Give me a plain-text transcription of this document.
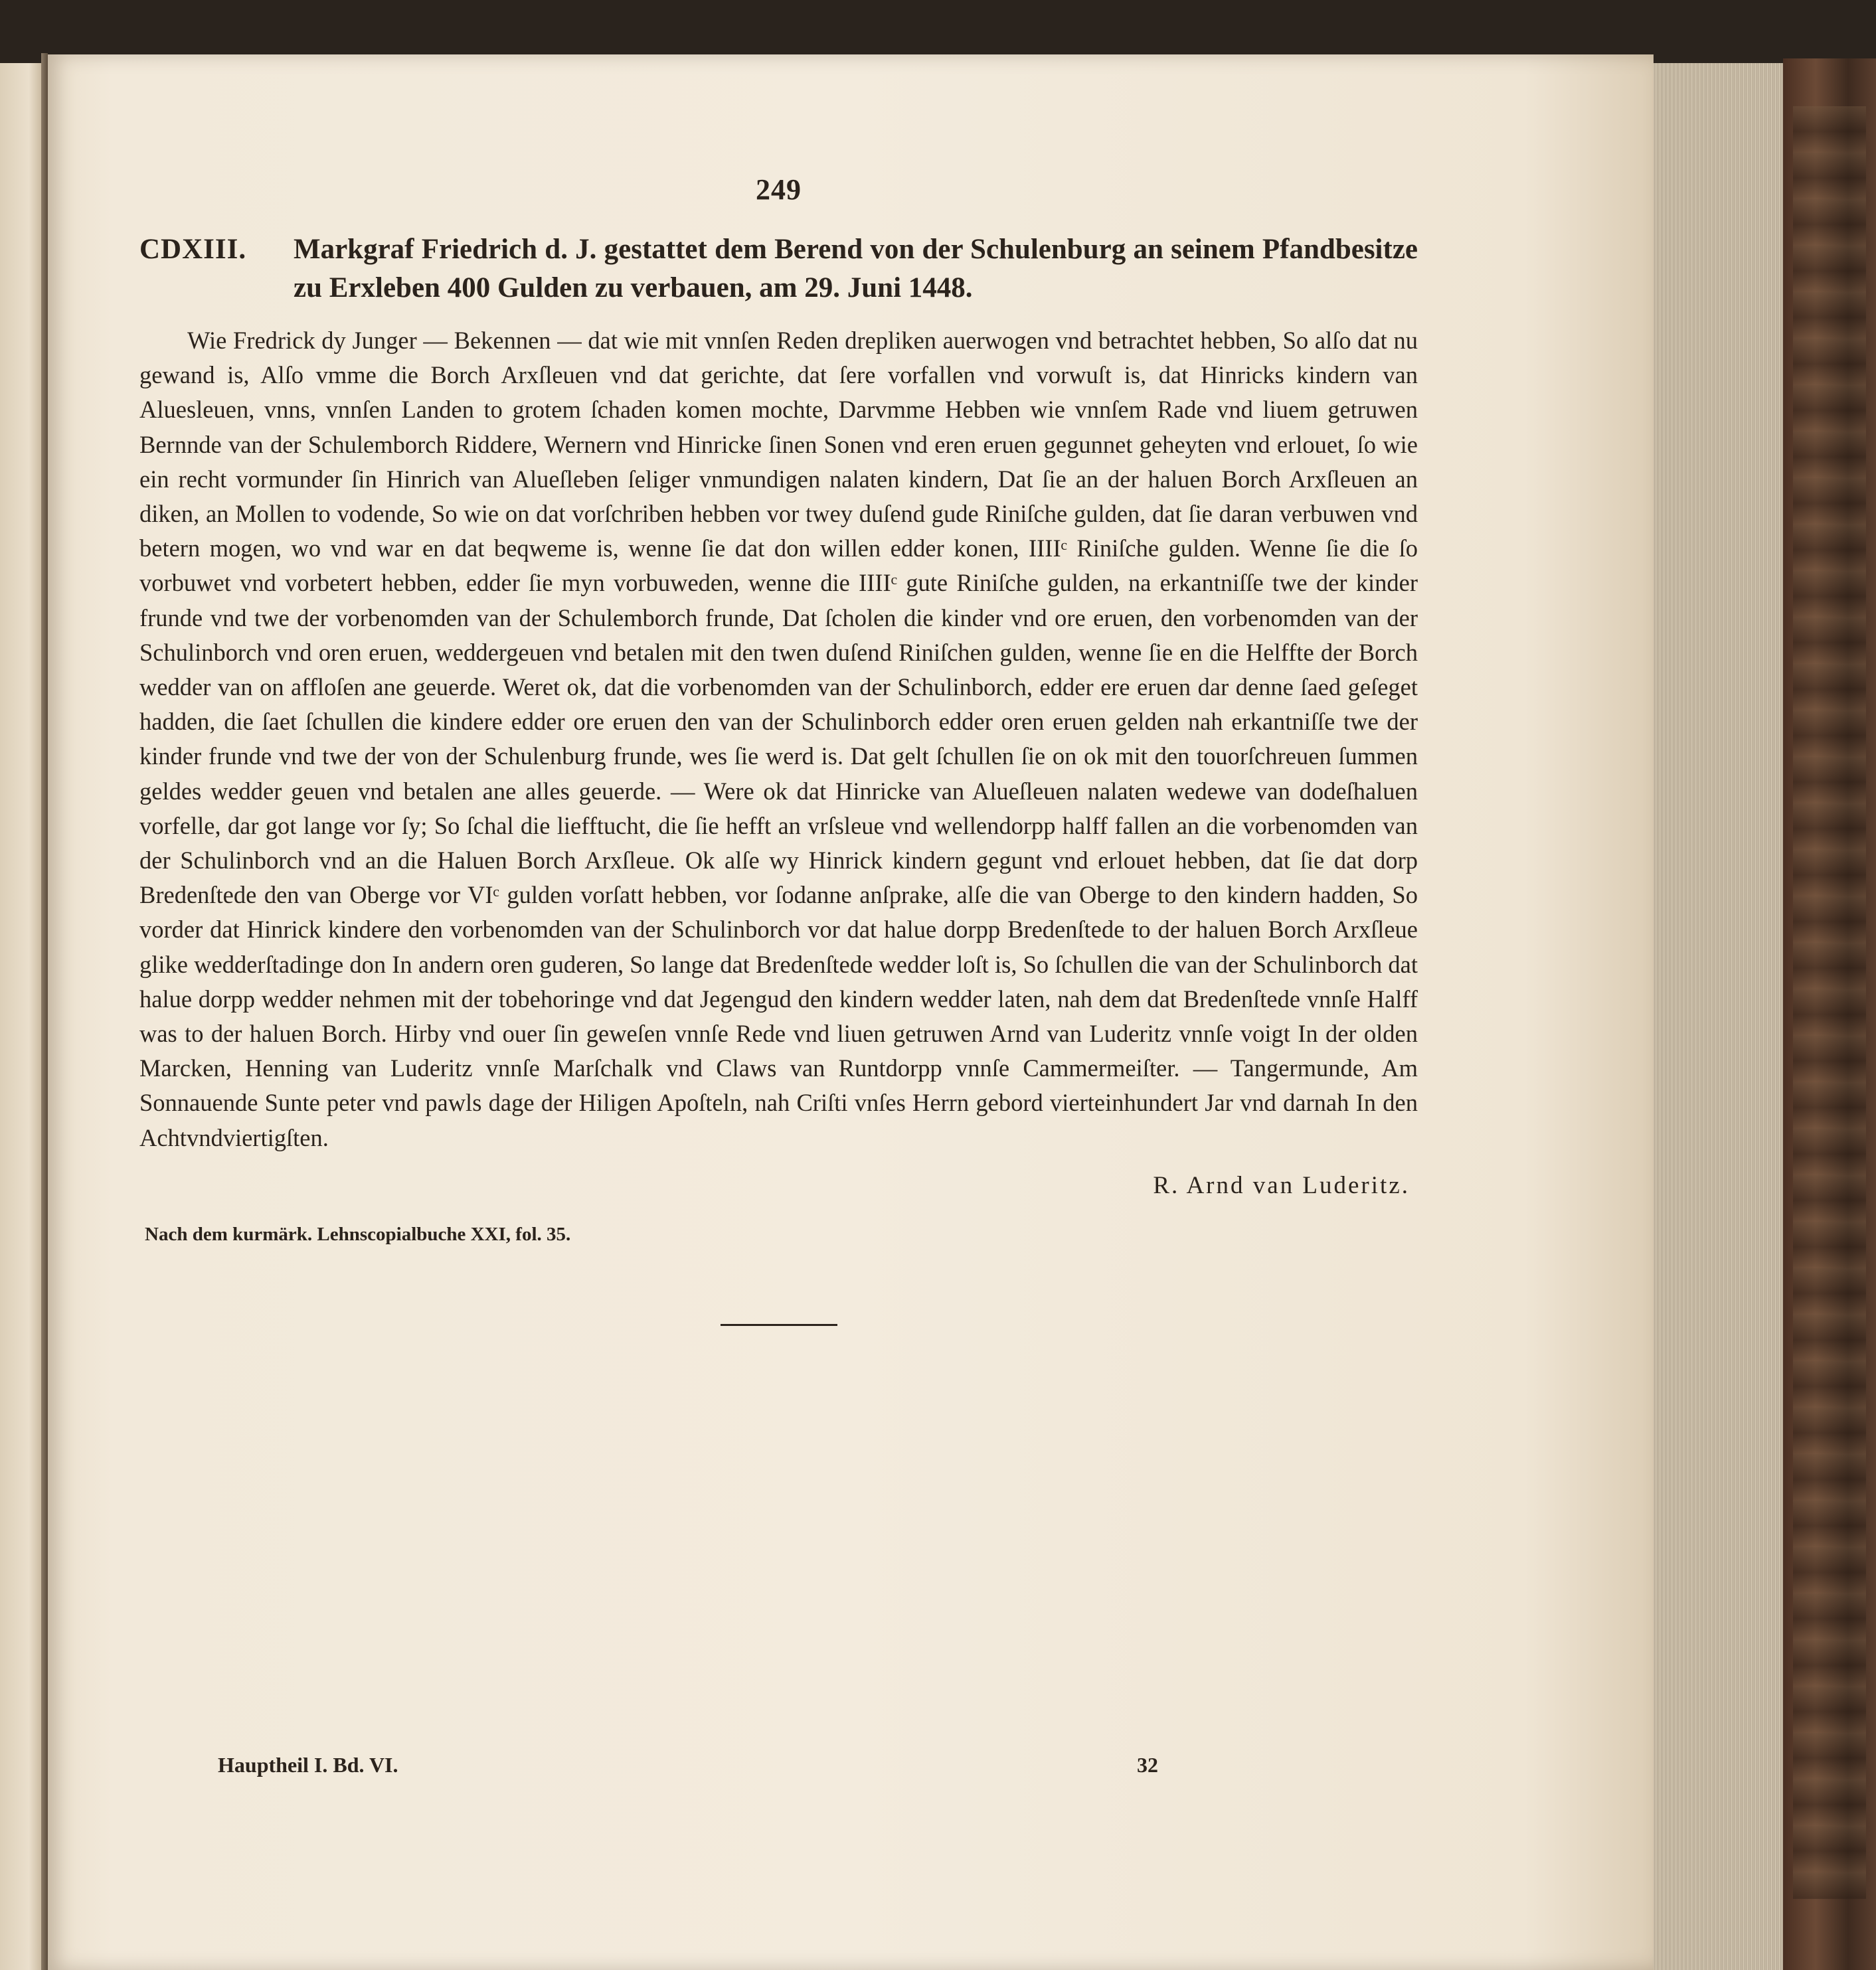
249
CDXIII.	Markgraf Friedrich d. J. gestattet dem Berend von der Schulenburg an seinem Pfandbesitze zu Erxleben 400 Gulden zu verbauen, am 29. Juni 1448.

Wie Fredrick dy Junger — Bekennen — dat wie mit vnnſen Reden drepliken auerwogen vnd betrachtet hebben, So alſo dat nu gewand is, Alſo vmme die Borch Arxſleuen vnd dat gerichte, dat ſere vorfallen vnd vorwuſt is, dat Hinricks kindern van Aluesleuen, vnns, vnnſen Landen to grotem ſchaden komen mochte, Darvmme Hebben wie vnnſem Rade vnd liuem getruwen Bernnde van der Schulemborch Riddere, Wernern vnd Hinricke ſinen Sonen vnd eren eruen gegunnet geheyten vnd erlouet, ſo wie ein recht vormunder ſin Hinrich van Alueſleben ſeliger vnmundigen nalaten kindern, Dat ſie an der haluen Borch Arxſleuen an diken, an Mollen to vodende, So wie on dat vorſchriben hebben vor twey duſend gude Riniſche gulden, dat ſie daran verbuwen vnd betern mogen, wo vnd war en dat beqweme is, wenne ſie dat don willen edder konen, IIIIᶜ Riniſche gulden. Wenne ſie die ſo vorbuwet vnd vorbetert hebben, edder ſie myn vorbuweden, wenne die IIIIᶜ gute Riniſche gulden, na erkantniſſe twe der kinder frunde vnd twe der vorbenomden van der Schulemborch frunde, Dat ſcholen die kinder vnd ore eruen, den vorbenomden van der Schulinborch vnd oren eruen, weddergeuen vnd betalen mit den twen duſend Riniſchen gulden, wenne ſie en die Helffte der Borch wedder van on affloſen ane geuerde. Weret ok, dat die vorbenomden van der Schulinborch, edder ere eruen dar denne ſaed geſeget hadden, die ſaet ſchullen die kindere edder ore eruen den van der Schulinborch edder oren eruen gelden nah erkantniſſe twe der kinder frunde vnd twe der von der Schulenburg frunde, wes ſie werd is. Dat gelt ſchullen ſie on ok mit den touorſchreuen ſummen geldes wedder geuen vnd betalen ane alles geuerde. — Were ok dat Hinricke van Alueſleuen nalaten wedewe van dodeſhaluen vorfelle, dar got lange vor ſy; So ſchal die liefftucht, die ſie hefft an vrſsleue vnd wellendorpp halff fallen an die vorbenomden van der Schulinborch vnd an die Haluen Borch Arxſleue. Ok alſe wy Hinrick kindern gegunt vnd erlouet hebben, dat ſie dat dorp Bredenſtede den van Oberge vor VIᶜ gulden vorſatt hebben, vor ſodanne anſprake, alſe die van Oberge to den kindern hadden, So vorder dat Hinrick kindere den vorbenomden van der Schulinborch vor dat halue dorpp Bredenſtede to der haluen Borch Arxſleue glike wedderſtadinge don In andern oren guderen, So lange dat Bredenſtede wedder loſt is, So ſchullen die van der Schulinborch dat halue dorpp wedder nehmen mit der tobehoringe vnd dat Jegengud den kindern wedder laten, nah dem dat Bredenſtede vnnſe Halff was to der haluen Borch. Hirby vnd ouer ſin geweſen vnnſe Rede vnd liuen getruwen Arnd van Luderitz vnnſe voigt In der olden Marcken, Henning van Luderitz vnnſe Marſchalk vnd Claws van Runtdorpp vnnſe Cammermeiſter. — Tangermunde, Am Sonnauende Sunte peter vnd pawls dage der Hiligen Apoſteln, nah Criſti vnſes Herrn gebord vierteinhundert Jar vnd darnah In den Achtvndviertigſten.

R. Arnd van Luderitz.
Nach dem kurmärk. Lehnscopialbuche XXI, fol. 35.
Hauptheil I. Bd. VI.	32
